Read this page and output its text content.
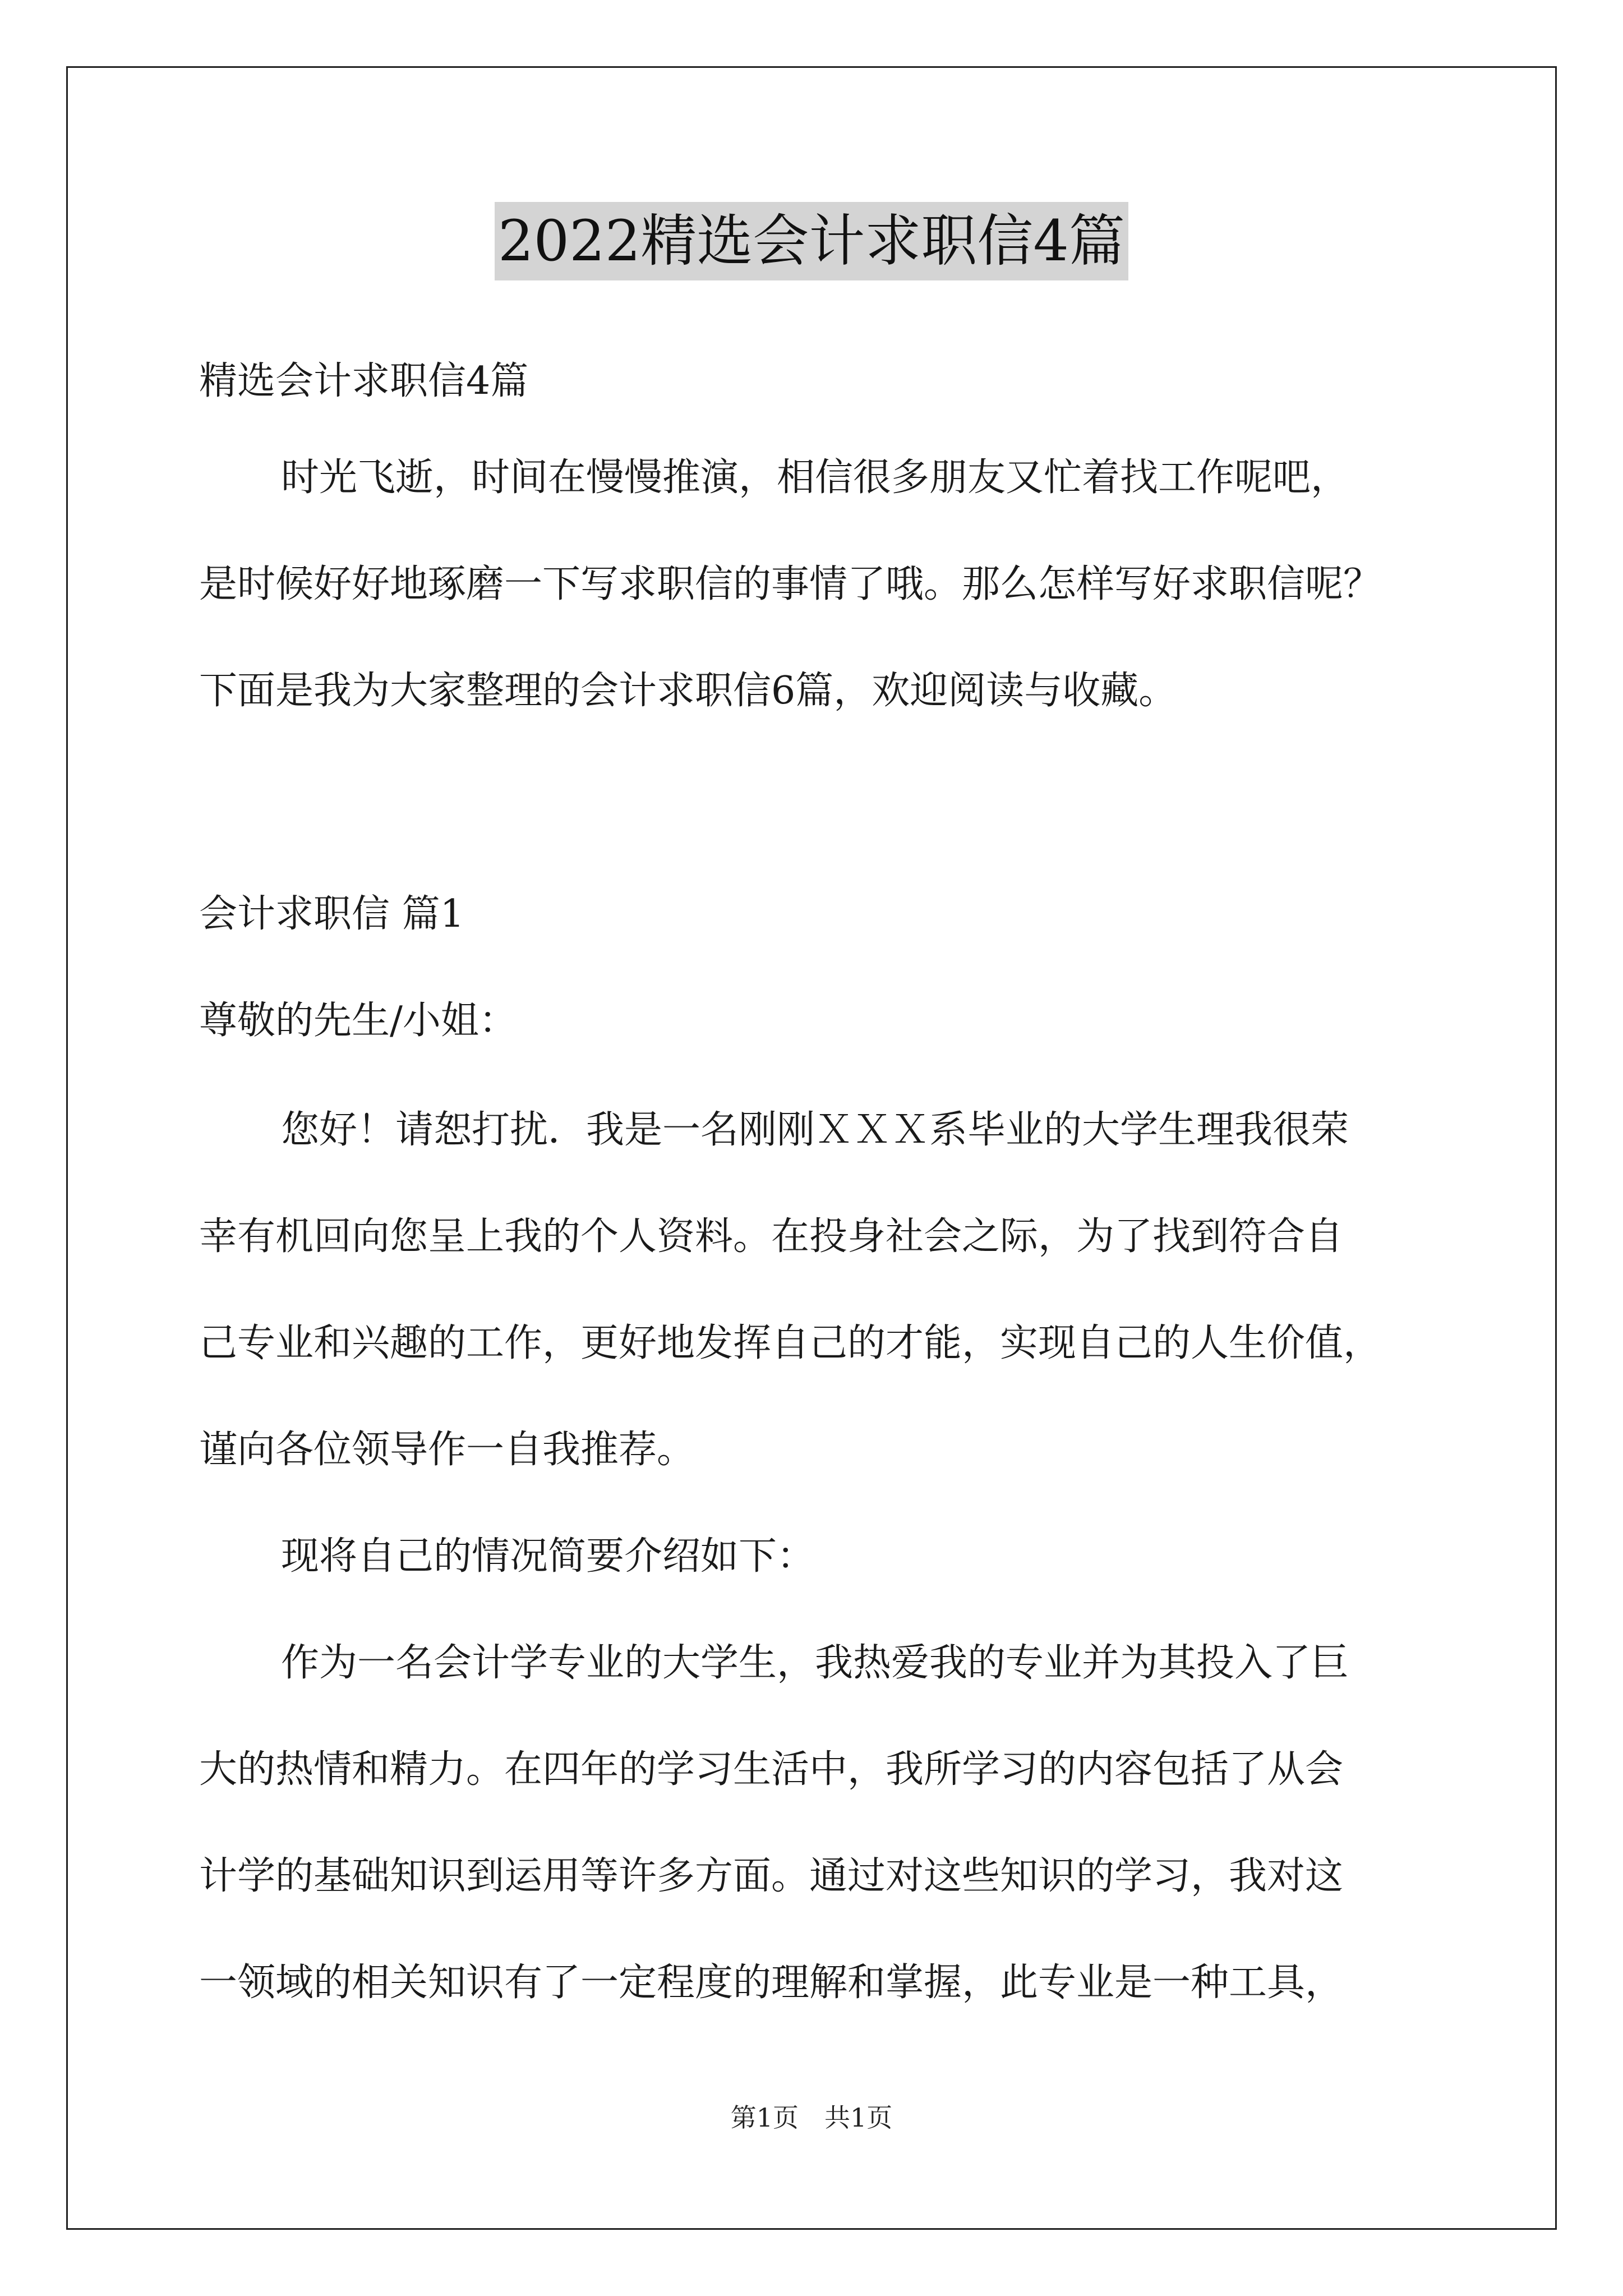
2022精选会计求职信4篇
精选会计求职信4篇
时光飞逝，时间在慢慢推演，相信很多朋友又忙着找工作呢吧，
是时候好好地琢磨一下写求职信的事情了哦。那么怎样写好求职信呢？
下面是我为大家整理的会计求职信6篇，欢迎阅读与收藏。
会计求职信 篇1
尊敬的先生/小姐：
您好！请恕打扰．我是一名刚刚ＸＸＸ系毕业的大学生理我很荣
幸有机回向您呈上我的个人资料。在投身社会之际，为了找到符合自
己专业和兴趣的工作，更好地发挥自己的才能，实现自己的人生价值，
谨向各位领导作一自我推荐。
现将自己的情况简要介绍如下：
作为一名会计学专业的大学生，我热爱我的专业并为其投入了巨
大的热情和精力。在四年的学习生活中，我所学习的内容包括了从会
计学的基础知识到运用等许多方面。通过对这些知识的学习，我对这
一领域的相关知识有了一定程度的理解和掌握，此专业是一种工具，
第1页　共1页
